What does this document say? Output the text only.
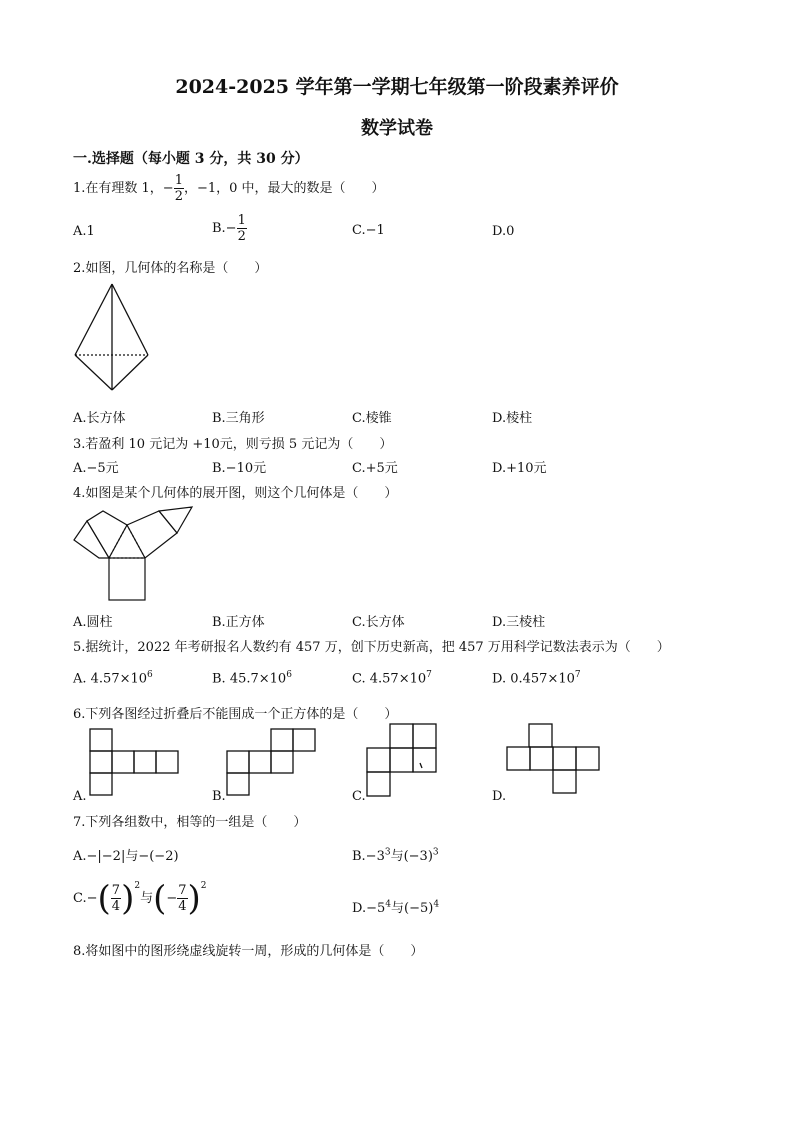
2024-2025 学年第一学期七年级第一阶段素养评价
数学试卷
一.选择题（每小题 3 分，共 30 分）
1.在有理数 1，− $\frac{1}{2}$ ，−1，0 中，最大的数是（　　）
A.1	$B.- \frac{1}{2}$	C.−1	D.0
2.如图，几何体的名称是（　　）
A.长方体	B.三角形	C.棱锥	D.棱柱
3.若盈利 10 元记为 +10元，则亏损 5 元记为（　　）
A.−5元	B.−10元	C.+5元	D.+10元
4.如图是某个几何体的展开图，则这个几何体是（　　）
A.圆柱	B.正方体	C.长方体	D.三棱柱
5.据统计，2022 年考研报名人数约有 457 万，创下历史新高，把 457 万用科学记数法表示为（　　）
A. $4.57\times 10^6$	B. $45.7\times 10^6$	C. $4.57\times 10^7$	D. $0.457\times 10^7$
6.下列各图经过折叠后不能围成一个正方体的是（　　）
A.	B.	C.	D.
7.下列各组数中，相等的一组是（　　）
A.−|−2|与−(−2)	$B.-3^3$与$(-3)^3$
$C.-( \frac{7}{4} )^2$与(− $\frac{7}{4} )^2$
$D.-5^4$与$(-5)^4$
8.将如图中的图形绕虚线旋转一周，形成的几何体是（　　）
